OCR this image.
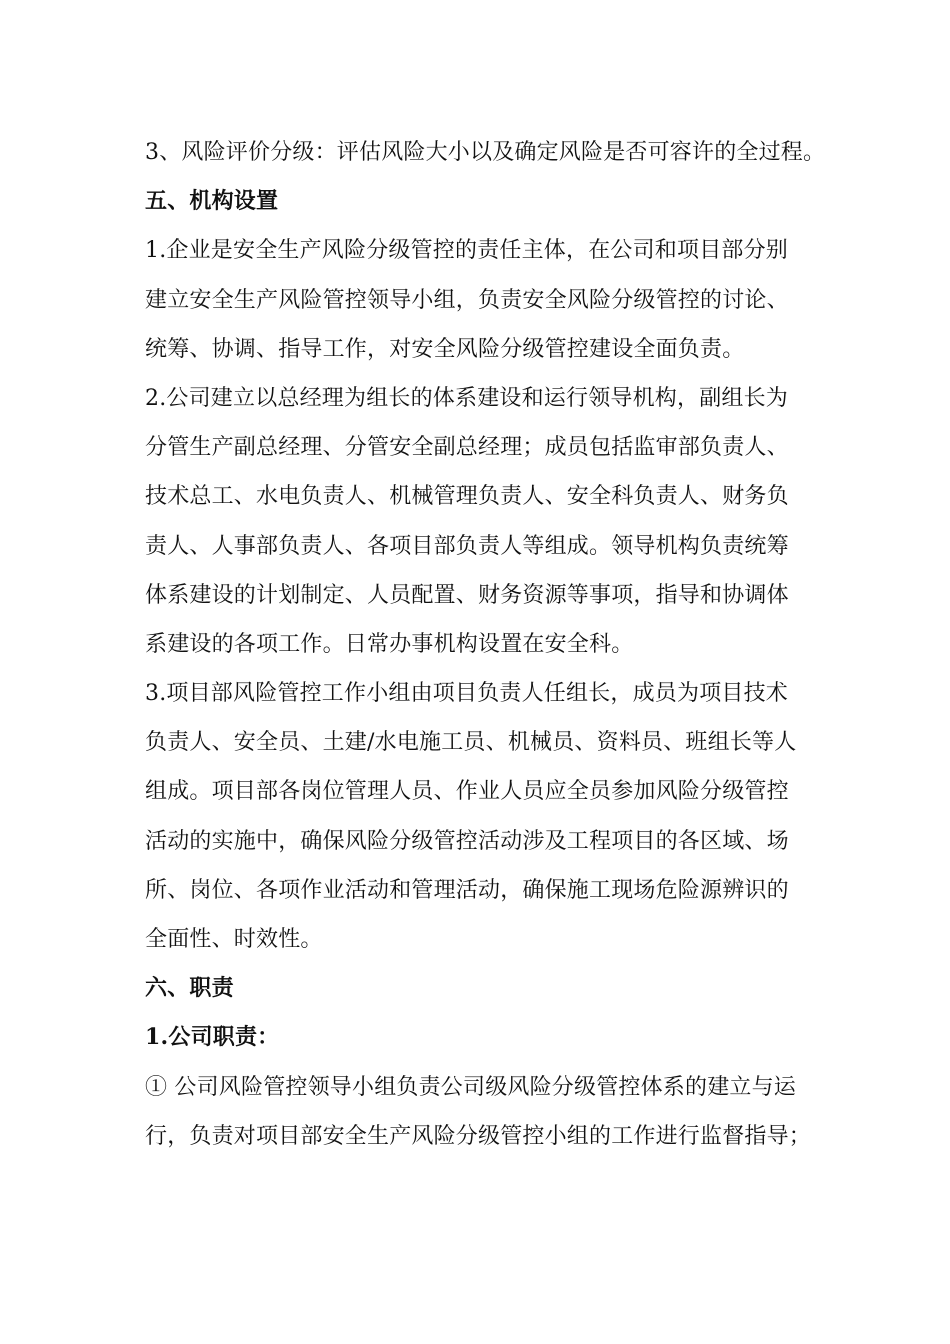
3、风险评价分级：评估风险大小以及确定风险是否可容许的全过程。
五、机构设置
1.企业是安全生产风险分级管控的责任主体，在公司和项目部分别
建立安全生产风险管控领导小组，负责安全风险分级管控的讨论、
统筹、协调、指导工作，对安全风险分级管控建设全面负责。
2.公司建立以总经理为组长的体系建设和运行领导机构，副组长为
分管生产副总经理、分管安全副总经理；成员包括监审部负责人、
技术总工、水电负责人、机械管理负责人、安全科负责人、财务负
责人、人事部负责人、各项目部负责人等组成。领导机构负责统筹
体系建设的计划制定、人员配置、财务资源等事项，指导和协调体
系建设的各项工作。日常办事机构设置在安全科。
3.项目部风险管控工作小组由项目负责人任组长，成员为项目技术
负责人、安全员、土建/水电施工员、机械员、资料员、班组长等人
组成。项目部各岗位管理人员、作业人员应全员参加风险分级管控
活动的实施中，确保风险分级管控活动涉及工程项目的各区域、场
所、岗位、各项作业活动和管理活动，确保施工现场危险源辨识的
全面性、时效性。
六、职责
1.公司职责：
① 公司风险管控领导小组负责公司级风险分级管控体系的建立与运
行，负责对项目部安全生产风险分级管控小组的工作进行监督指导；
